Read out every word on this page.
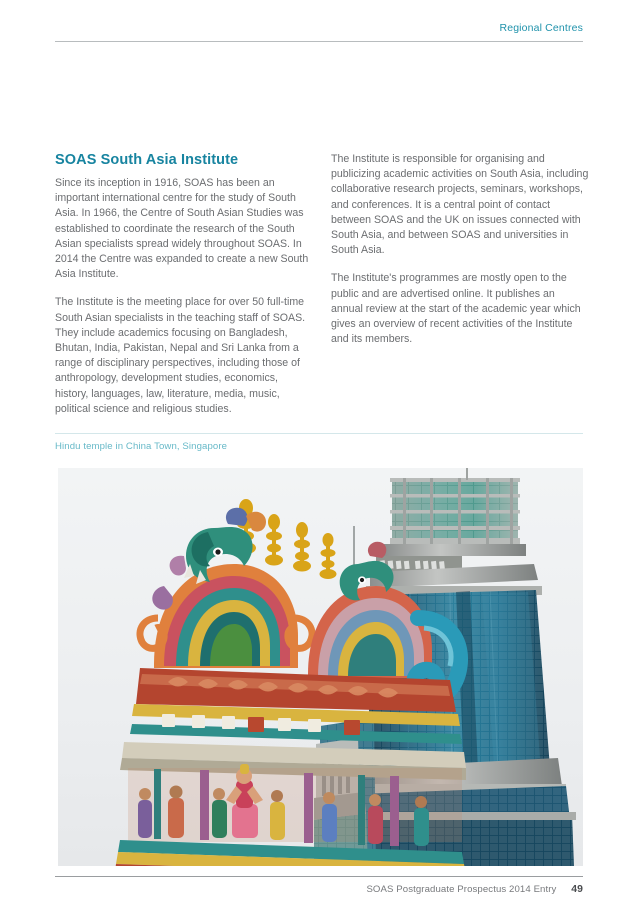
Regional Centres
SOAS South Asia Institute

Since its inception in 1916, SOAS has been an important international centre for the study of South Asia. In 1966, the Centre of South Asian Studies was established to coordinate the research of the South Asian specialists spread widely throughout SOAS. In 2014 the Centre was expanded to create a new South Asia Institute.

The Institute is the meeting place for over 50 full-time South Asian specialists in the teaching staff of SOAS. They include academics focusing on Bangladesh, Bhutan, India, Pakistan, Nepal and Sri Lanka from a range of disciplinary perspectives, including those of anthropology, development studies, economics, history, languages, law, literature, media, music, political science and religious studies.

The Institute is responsible for organising and publicizing academic activities on South Asia, including collaborative research projects, seminars, workshops, and conferences. It is a central point of contact between SOAS and the UK on issues connected with South Asia, and between SOAS and universities in South Asia.

The Institute's programmes are mostly open to the public and are advertised online. It publishes an annual review at the start of the academic year which gives an overview of recent activities of the Institute and its members.

Hindu temple in China Town, Singapore
SOAS Postgraduate Prospectus 2014 Entry 49
